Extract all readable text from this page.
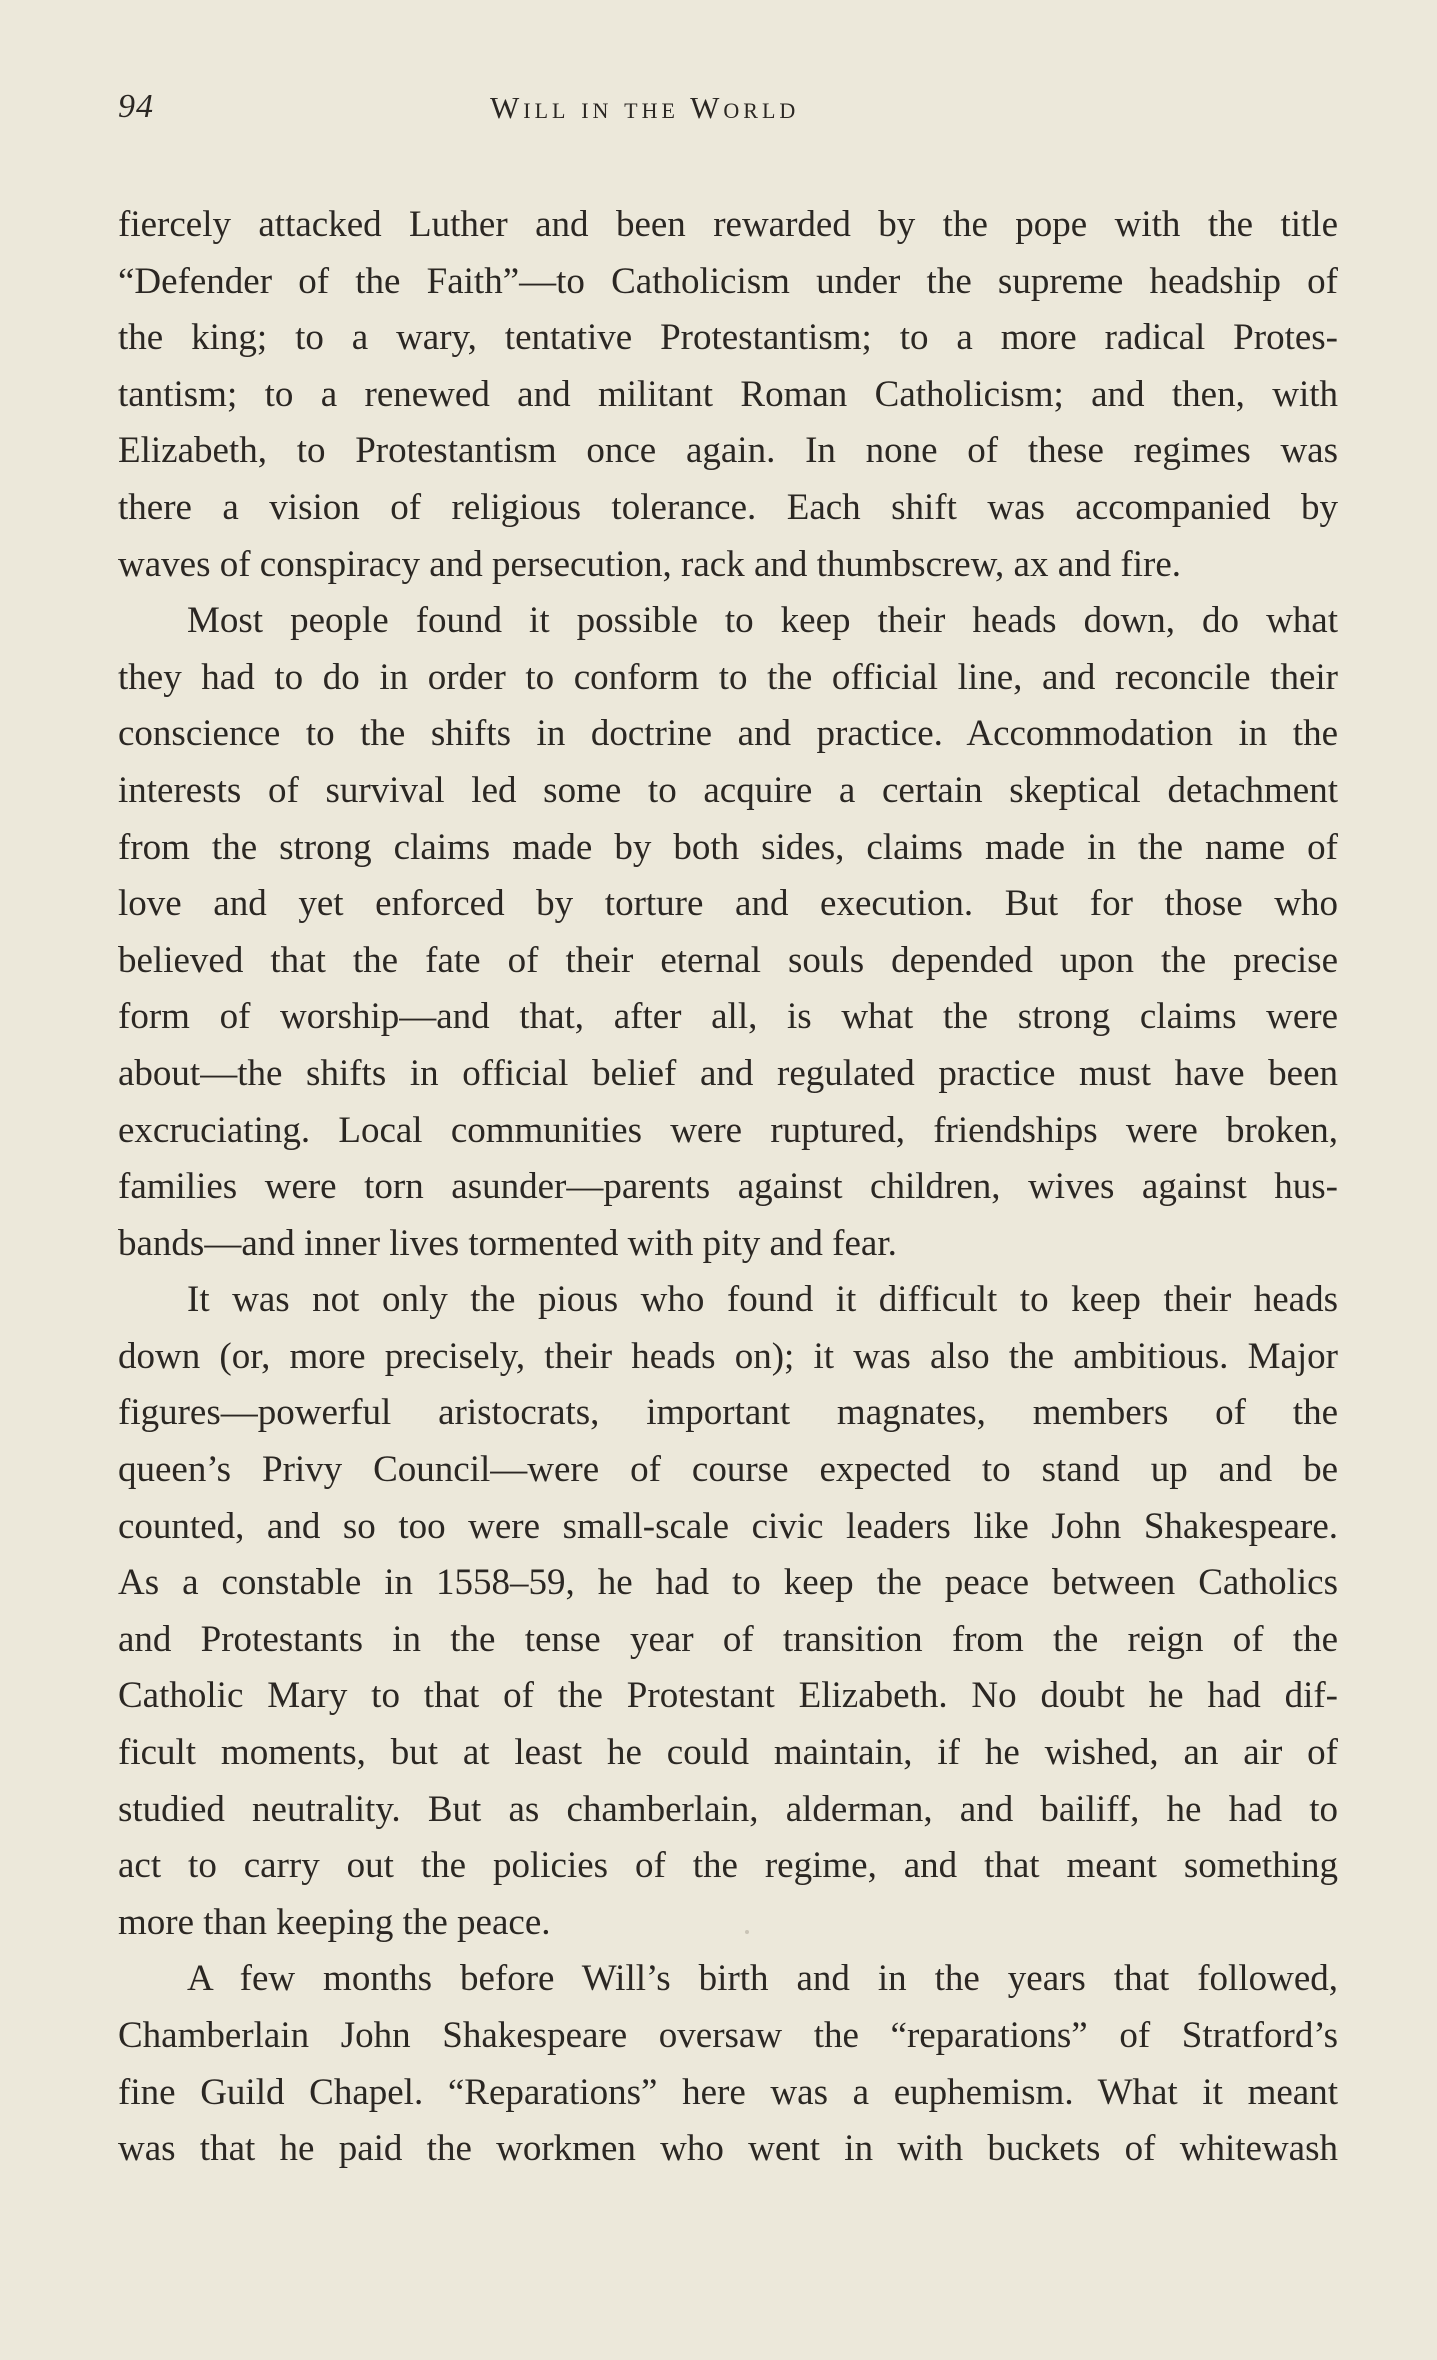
94	Will in the World
fiercely attacked Luther and been rewarded by the pope with the title
“Defender of the Faith”—to Catholicism under the supreme headship of
the king; to a wary, tentative Protestantism; to a more radical Protes-
tantism; to a renewed and militant Roman Catholicism; and then, with
Elizabeth, to Protestantism once again. In none of these regimes was
there a vision of religious tolerance. Each shift was accompanied by
waves of conspiracy and persecution, rack and thumbscrew, ax and fire.
Most people found it possible to keep their heads down, do what
they had to do in order to conform to the official line, and reconcile their
conscience to the shifts in doctrine and practice. Accommodation in the
interests of survival led some to acquire a certain skeptical detachment
from the strong claims made by both sides, claims made in the name of
love and yet enforced by torture and execution. But for those who
believed that the fate of their eternal souls depended upon the precise
form of worship—and that, after all, is what the strong claims were
about—the shifts in official belief and regulated practice must have been
excruciating. Local communities were ruptured, friendships were broken,
families were torn asunder—parents against children, wives against hus-
bands—and inner lives tormented with pity and fear.
It was not only the pious who found it difficult to keep their heads
down (or, more precisely, their heads on); it was also the ambitious. Major
figures—powerful aristocrats, important magnates, members of the
queen’s Privy Council—were of course expected to stand up and be
counted, and so too were small-scale civic leaders like John Shakespeare.
As a constable in 1558–59, he had to keep the peace between Catholics
and Protestants in the tense year of transition from the reign of the
Catholic Mary to that of the Protestant Elizabeth. No doubt he had dif-
ficult moments, but at least he could maintain, if he wished, an air of
studied neutrality. But as chamberlain, alderman, and bailiff, he had to
act to carry out the policies of the regime, and that meant something
more than keeping the peace.
A few months before Will’s birth and in the years that followed,
Chamberlain John Shakespeare oversaw the “reparations” of Stratford’s
fine Guild Chapel. “Reparations” here was a euphemism. What it meant
was that he paid the workmen who went in with buckets of whitewash
